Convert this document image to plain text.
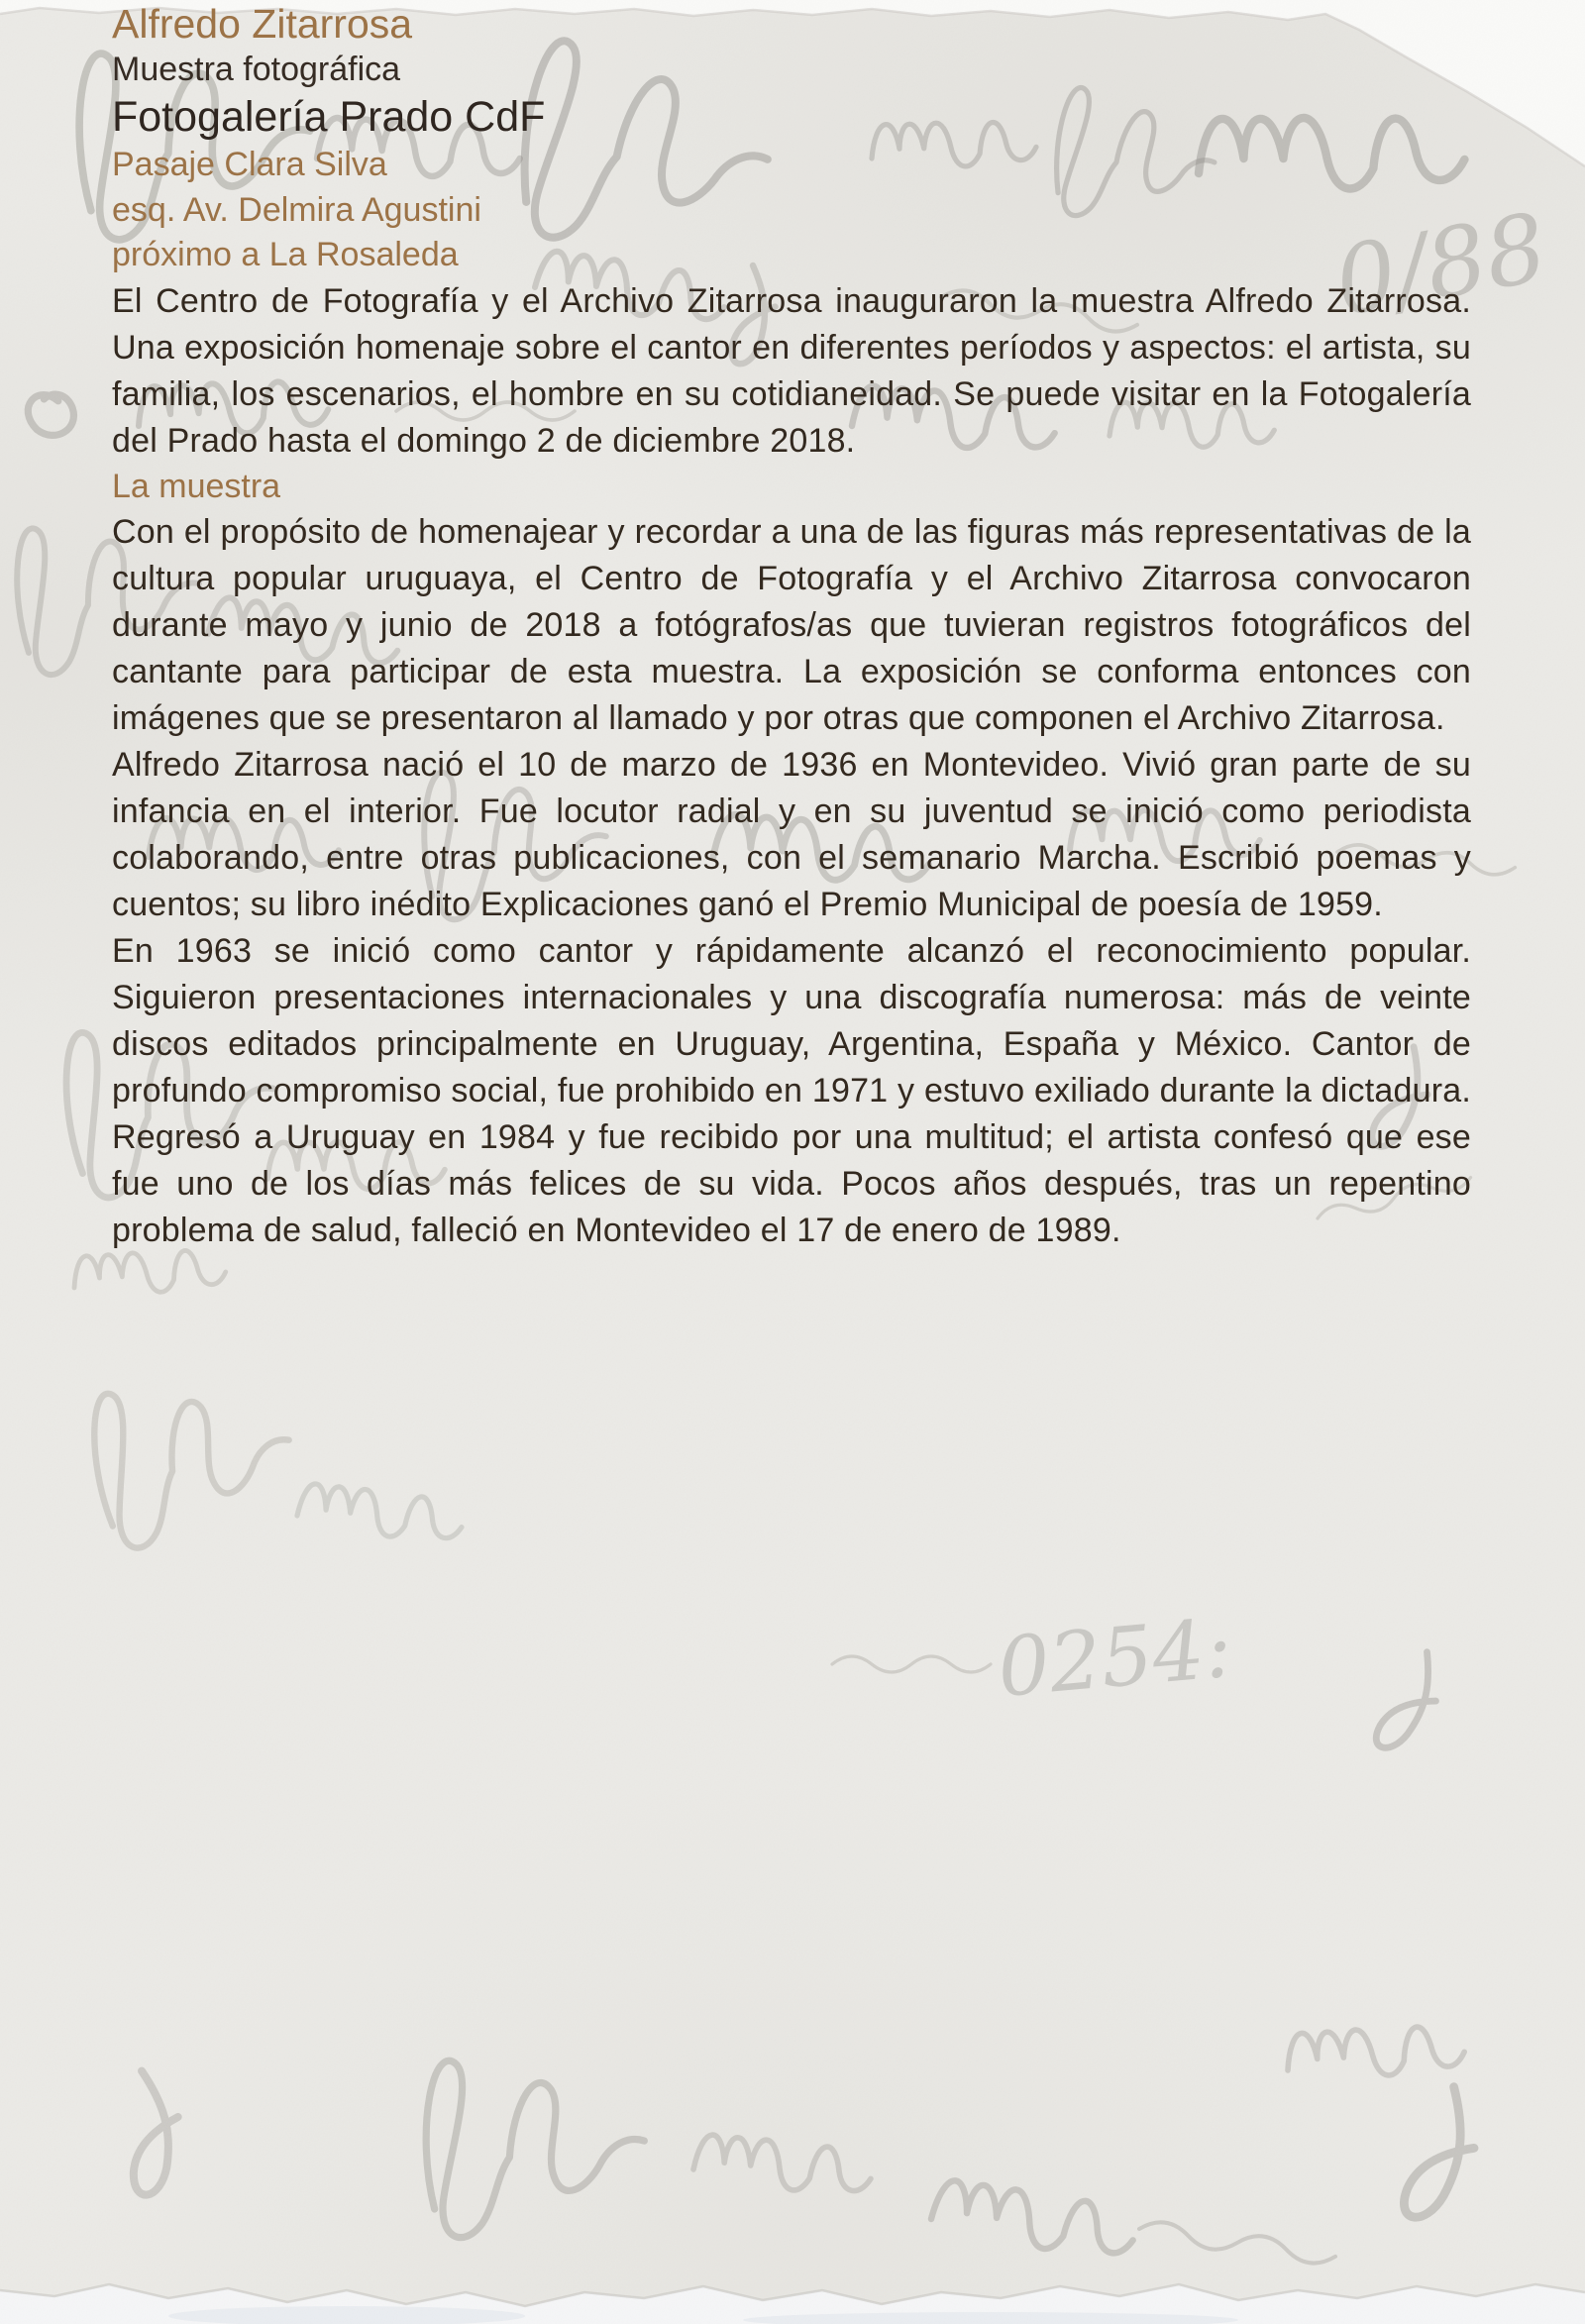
0/88
0254:
Alfredo Zitarrosa
Muestra fotográfica
Fotogalería Prado CdF
Pasaje Clara Silva
esq. Av. Delmira Agustini
próximo a La Rosaleda

El Centro de Fotografía y el Archivo Zitarrosa inauguraron la muestra Alfredo Zitarrosa. Una exposición homenaje sobre el cantor en diferentes períodos y aspectos: el artista, su familia, los escenarios, el hombre en su cotidianeidad. Se puede visitar en la Fotogalería del Prado hasta el domingo 2 de diciembre 2018.

La muestra

Con el propósito de homenajear y recordar a una de las figuras más representativas de la cultura popular uruguaya, el Centro de Fotografía y el Archivo Zitarrosa convocaron durante mayo y junio de 2018 a fotógrafos/as que tuvieran registros fotográficos del cantante para participar de esta muestra. La exposición se conforma entonces con imágenes que se presentaron al llamado y por otras que componen el Archivo Zitarrosa.

Alfredo Zitarrosa nació el 10 de marzo de 1936 en Montevideo. Vivió gran parte de su infancia en el interior. Fue locutor radial y en su juventud se inició como periodista colaborando, entre otras publicaciones, con el semanario Marcha. Escribió poemas y cuentos; su libro inédito Explicaciones ganó el Premio Municipal de poesía de 1959.

En 1963 se inició como cantor y rápidamente alcanzó el reconocimiento popular. Siguieron presentaciones internacionales y una discografía numerosa: más de veinte discos editados principalmente en Uruguay, Argentina, España y México. Cantor de profundo compromiso social, fue prohibido en 1971 y estuvo exiliado durante la dictadura. Regresó a Uruguay en 1984 y fue recibido por una multitud; el artista confesó que ese fue uno de los días más felices de su vida. Pocos años después, tras un repentino problema de salud, falleció en Montevideo el 17 de enero de 1989.
